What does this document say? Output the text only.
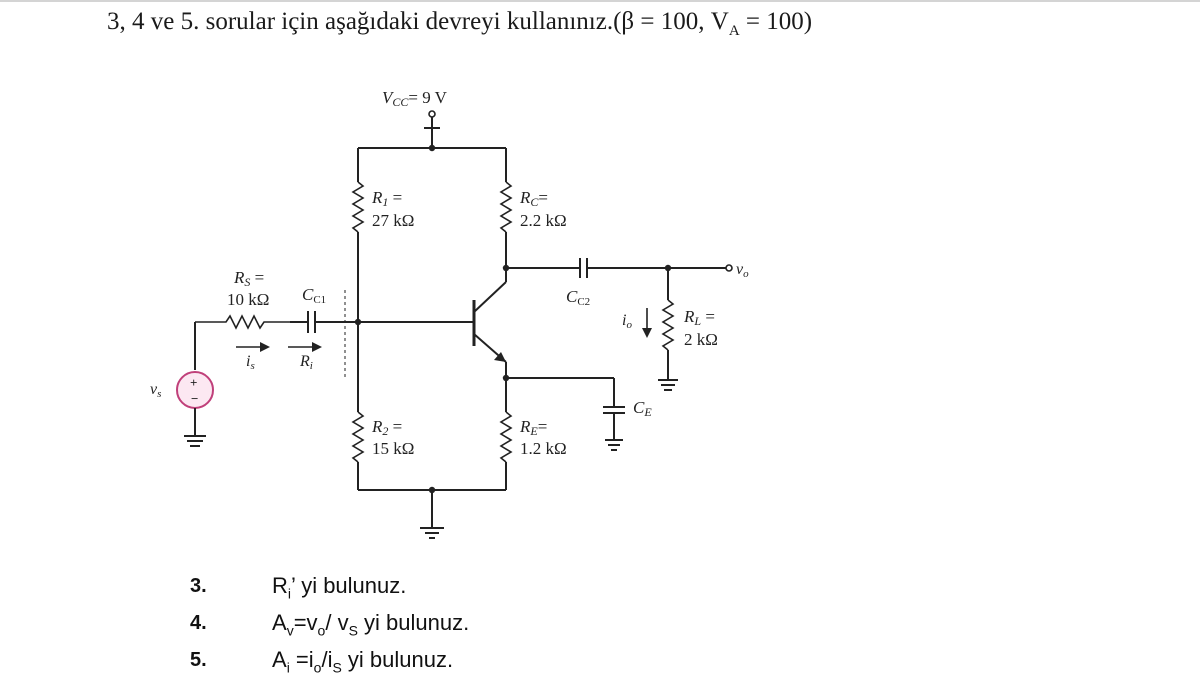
3, 4 ve 5. sorular için aşağıdaki devreyi kullanınız.(β = 100, $V_A = 100$)
VCC= 9 V
R1 =
27 kΩ
RC=
2.2 kΩ
R2 =
15 kΩ
RE=
1.2 kΩ
RS =
10 kΩ CC1	CC2
CE
RL =
2 kΩ
vo
io
is	Ri
vs
+
−
3.	$R_i$’ yi bulunuz.
4.	$A_v=v_o/$ $v_S$ yi bulunuz.
5.	$A_i =i_o/i_S$ yi bulunuz.
